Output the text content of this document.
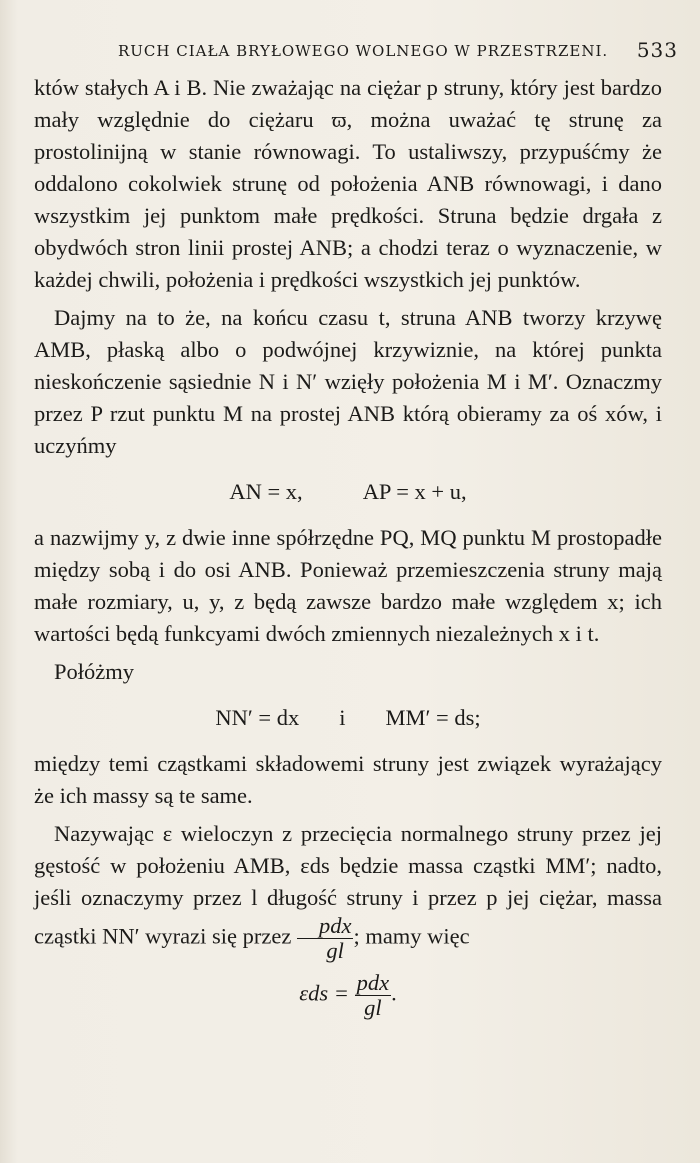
RUCH CIAŁA BRYŁOWEGO WOLNEGO W PRZESTRZENI. 533

któw stałych A i B. Nie zważając na ciężar p struny, który jest bardzo mały względnie do ciężaru ϖ, można uważać tę strunę za prostolinijną w stanie równowagi. To ustaliwszy, przypuśćmy że oddalono cokolwiek strunę od położenia ANB równowagi, i dano wszystkim jej punktom małe prędkości. Struna będzie drgała z obydwóch stron linii prostej ANB; a chodzi teraz o wyznaczenie, w każdej chwili, położenia i prędkości wszystkich jej punktów.

Dajmy na to że, na końcu czasu t, struna ANB tworzy krzywę AMB, płaską albo o podwójnej krzywiznie, na której punkta nieskończenie sąsiednie N i N′ wzięły położenia M i M′. Oznaczmy przez P rzut punktu M na prostej ANB którą obieramy za oś xów, i uczyńmy

AN = x,	AP = x + u,

a nazwijmy y, z dwie inne spółrzędne PQ, MQ punktu M prostopadłe między sobą i do osi ANB. Ponieważ przemieszczenia struny mają małe rozmiary, u, y, z będą zawsze bardzo małe względem x; ich wartości będą funkcyami dwóch zmiennych niezależnych x i t.

Połóżmy

NN′ = dx i MM′ = ds;

między temi cząstkami składowemi struny jest związek wyrażający że ich massy są te same.

Nazywając ε wieloczyn z przecięcia normalnego struny przez jej gęstość w położeniu AMB, εds będzie massa cząstki MM′; nadto, jeśli oznaczymy przez l długość struny i przez p jej ciężar, massa cząstki NN′ wyrazi się przez $\frac{\text{pdx}}{gl}$ ; mamy więc

$\varepsilon ds = \frac{\text{pdx}}{gl}$ .
